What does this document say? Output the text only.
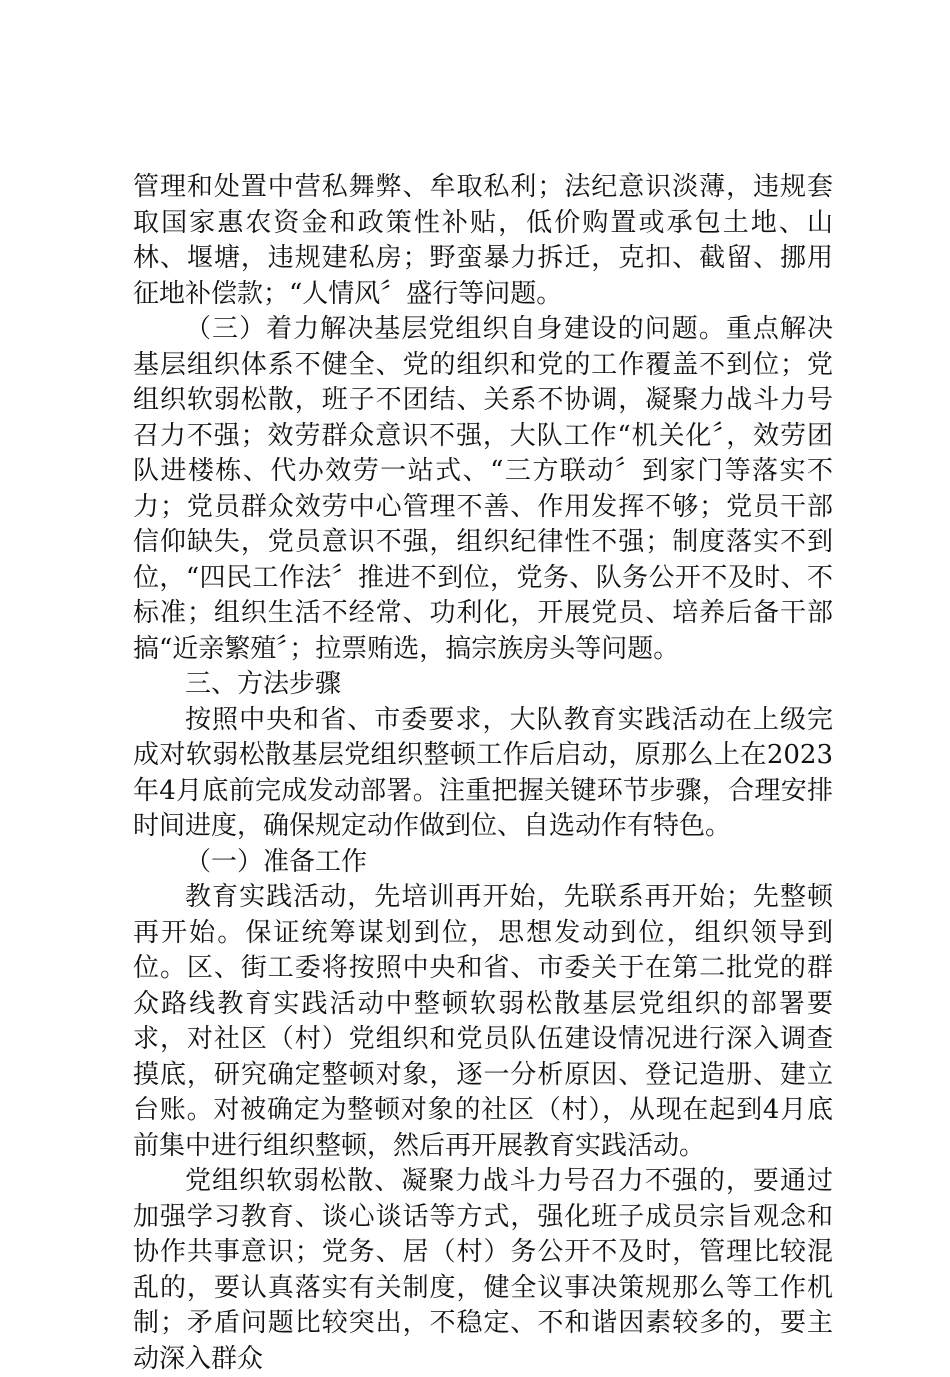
管理和处置中营私舞弊、牟取私利；法纪意识淡薄，违规套取国家惠农资金和政策性补贴，低价购置或承包土地、山林、堰塘，违规建私房；野蛮暴力拆迁，克扣、截留、挪用征地补偿款；“人情风〞盛行等问题。

（三）着力解决基层党组织自身建设的问题。重点解决基层组织体系不健全、党的组织和党的工作覆盖不到位；党组织软弱松散，班子不团结、关系不协调，凝聚力战斗力号召力不强；效劳群众意识不强，大队工作“机关化〞，效劳团队进楼栋、代办效劳一站式、“三方联动〞到家门等落实不力；党员群众效劳中心管理不善、作用发挥不够；党员干部信仰缺失，党员意识不强，组织纪律性不强；制度落实不到位，“四民工作法〞推进不到位，党务、队务公开不及时、不标准；组织生活不经常、功利化，开展党员、培养后备干部搞“近亲繁殖〞；拉票贿选，搞宗族房头等问题。

三、方法步骤

按照中央和省、市委要求，大队教育实践活动在上级完成对软弱松散基层党组织整顿工作后启动，原那么上在2023年4月底前完成发动部署。注重把握关键环节步骤，合理安排时间进度，确保规定动作做到位、自选动作有特色。

（一）准备工作

教育实践活动，先培训再开始，先联系再开始；先整顿再开始。保证统筹谋划到位，思想发动到位，组织领导到位。区、街工委将按照中央和省、市委关于在第二批党的群众路线教育实践活动中整顿软弱松散基层党组织的部署要求，对社区（村）党组织和党员队伍建设情况进行深入调查摸底，研究确定整顿对象，逐一分析原因、登记造册、建立台账。对被确定为整顿对象的社区（村），从现在起到4月底前集中进行组织整顿，然后再开展教育实践活动。

党组织软弱松散、凝聚力战斗力号召力不强的，要通过加强学习教育、谈心谈话等方式，强化班子成员宗旨观念和协作共事意识；党务、居（村）务公开不及时，管理比较混乱的，要认真落实有关制度，健全议事决策规那么等工作机制；矛盾问题比较突出，不稳定、不和谐因素较多的，要主动深入群众
